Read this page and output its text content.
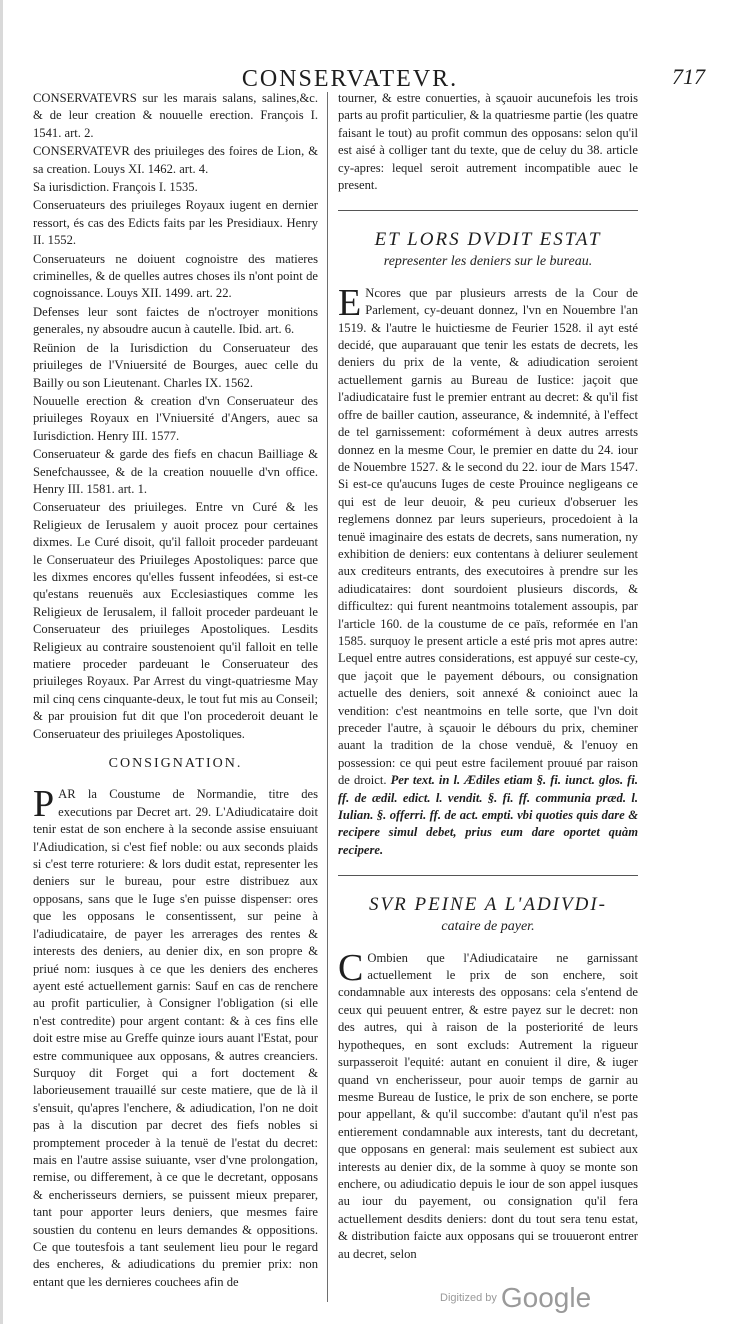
CONSERVATEVR.	717

CONSERVATEVRS sur les marais salans, salines,&c. & de leur creation & nouuelle erection. François I. 1541. art. 2.

CONSERVATEVR des priuileges des foires de Lion, & sa creation. Louys XI. 1462. art. 4.

Sa iurisdiction. François I. 1535.

Conseruateurs des priuileges Royaux iugent en dernier ressort, és cas des Edicts faits par les Presidiaux. Henry II. 1552.

Conseruateurs ne doiuent cognoistre des matieres criminelles, & de quelles autres choses ils n'ont point de cognoissance. Louys XII. 1499. art. 22.

Defenses leur sont faictes de n'octroyer monitions generales, ny absoudre aucun à cautelle. Ibid. art. 6.

Reünion de la Iurisdiction du Conseruateur des priuileges de l'Vniuersité de Bourges, auec celle du Bailly ou son Lieutenant. Charles IX. 1562.

Nouuelle erection & creation d'vn Conseruateur des priuileges Royaux en l'Vniuersité d'Angers, auec sa Iurisdiction. Henry III. 1577.

Conseruateur & garde des fiefs en chacun Bailliage & Senefchaussee, & de la creation nouuelle d'vn office. Henry III. 1581. art. 1.

Conseruateur des priuileges. Entre vn Curé & les Religieux de Ierusalem y auoit procez pour certaines dixmes. Le Curé disoit, qu'il falloit proceder pardeuant le Conseruateur des Priuileges Apostoliques: parce que les dixmes encores qu'elles fussent infeodées, si est-ce qu'estans reuenuës aux Ecclesiastiques comme les Religieux de Ierusalem, il falloit proceder pardeuant le Conseruateur des priuileges Apostoliques. Lesdits Religieux au contraire soustenoient qu'il falloit en telle matiere proceder pardeuant le Conseruateur des priuileges Royaux. Par Arrest du vingt-quatriesme May mil cinq cens cinquante-deux, le tout fut mis au Conseil; & par prouision fut dit que l'on procederoit deuant le Conseruateur des priuileges Apostoliques.

CONSIGNATION.

PAR la Coustume de Normandie, titre des executions par Decret art. 29. L'Adiudicataire doit tenir estat de son enchere à la seconde assise ensuiuant l'Adiudication, si c'est fief noble: ou aux seconds plaids si c'est terre roturiere: & lors dudit estat, representer les deniers sur le bureau, pour estre distribuez aux opposans, sans que le Iuge s'en puisse dispenser: ores que les opposans le consentissent, sur peine à l'adiudicataire, de payer les arrerages des rentes & interests des deniers, au denier dix, en son propre & priué nom: iusques à ce que les deniers des encheres ayent esté actuellement garnis: Sauf en cas de renchere au profit particulier, à Consigner l'obligation (si elle n'est contredite) pour argent contant: & à ces fins elle doit estre mise au Greffe quinze iours auant l'Estat, pour estre communiquee aux opposans, & autres creanciers. Surquoy dit Forget qui a fort doctement & laborieusement trauaillé sur ceste matiere, que de là il s'ensuit, qu'apres l'enchere, & adiudication, l'on ne doit pas à la discution par decret des fiefs nobles si promptement proceder à la tenuë de l'estat du decret: mais en l'autre assise suiuante, vser d'vne prolongation, remise, ou differement, à ce que le decretant, opposans & encherisseurs derniers, se puissent mieux preparer, tant pour apporter leurs deniers, que mesmes faire soustien du contenu en leurs demandes & oppositions. Ce que toutesfois a tant seulement lieu pour le regard des encheres, & adiudications du premier prix: non entant que les dernieres couchees afin de

tourner, & estre conuerties, à sçauoir aucunefois les trois parts au profit particulier, & la quatriesme partie (les quatre faisant le tout) au profit commun des opposans: selon qu'il est aisé à colliger tant du texte, que de celuy du 38. article cy-apres: lequel seroit autrement incompatible auec le present.

ET LORS DVDIT ESTAT
representer les deniers sur le bureau.

E Ncores que par plusieurs arrests de la Cour de Parlement, cy-deuant donnez, l'vn en Nouembre l'an 1519. & l'autre le huictiesme de Feurier 1528. il ayt esté decidé, que auparauant que tenir les estats de decrets, les deniers du prix de la vente, & adiudication seroient actuellement garnis au Bureau de Iustice: jaçoit que l'adiudicataire fust le premier entrant au decret: & qu'il fist offre de bailler caution, asseurance, & indemnité, à l'effect de tel garnissement: coformément à deux autres arrests donnez en la mesme Cour, le premier en datte du 24. iour de Nouembre 1527. & le second du 22. iour de Mars 1547. Si est-ce qu'aucuns Iuges de ceste Prouince negligeans ce qui est de leur deuoir, & peu curieux d'obseruer les reglemens donnez par leurs superieurs, procedoient à la tenuë imaginaire des estats de decrets, sans numeration, ny exhibition de deniers: eux contentans à deliurer seulement aux crediteurs entrants, des executoires à prendre sur les adiudicataires: dont sourdoient plusieurs discords, & difficultez: qui furent neantmoins totalement assoupis, par l'article 160. de la coustume de ce païs, reformée en l'an 1585. surquoy le present article a esté pris mot apres autre: Lequel entre autres considerations, est appuyé sur ceste-cy, que jaçoit que le payement débours, ou consignation actuelle des deniers, soit annexé & conioinct auec la vendition: c'est neantmoins en telle sorte, que l'vn doit preceder l'autre, à sçauoir le débours du prix, cheminer auant la tradition de la chose venduë, & l'enuoy en possession: ce qui peut estre facilement prouué par raison de droict. Per text. in l. Ædiles etiam §. fi. iunct. glos. fi. ff. de ædil. edict. l. vendit. §. fi. ff. communia præd. l. Iulian. §. offerri. ff. de act. empti. vbi quoties quis dare & recipere simul debet, prius eum dare oportet quàm recipere.

SVR PEINE A L'ADIVDI-
cataire de payer.

C Ombien que l'Adiudicataire ne garnissant actuellement le prix de son enchere, soit condamnable aux interests des opposans: cela s'entend de ceux qui peuuent entrer, & estre payez sur le decret: non des autres, qui à raison de la posteriorité de leurs hypotheques, en sont excluds: Autrement la rigueur surpasseroit l'equité: autant en conuient il dire, & iuger quand vn encherisseur, pour auoir temps de garnir au mesme Bureau de Iustice, le prix de son enchere, se porte pour appellant, & qu'il succombe: d'autant qu'il n'est pas entierement condamnable aux interests, tant du decretant, que opposans en general: mais seulement est subiect aux interests au denier dix, de la somme à quoy se monte son enchere, ou adiudicatio depuis le iour de son appel iusques au iour du payement, ou consignation qu'il fera actuellement desdits deniers: dont du tout sera tenu estat, & distribution faicte aux opposans qui se trouueront entrer au decret, selon

Digitized by Google
